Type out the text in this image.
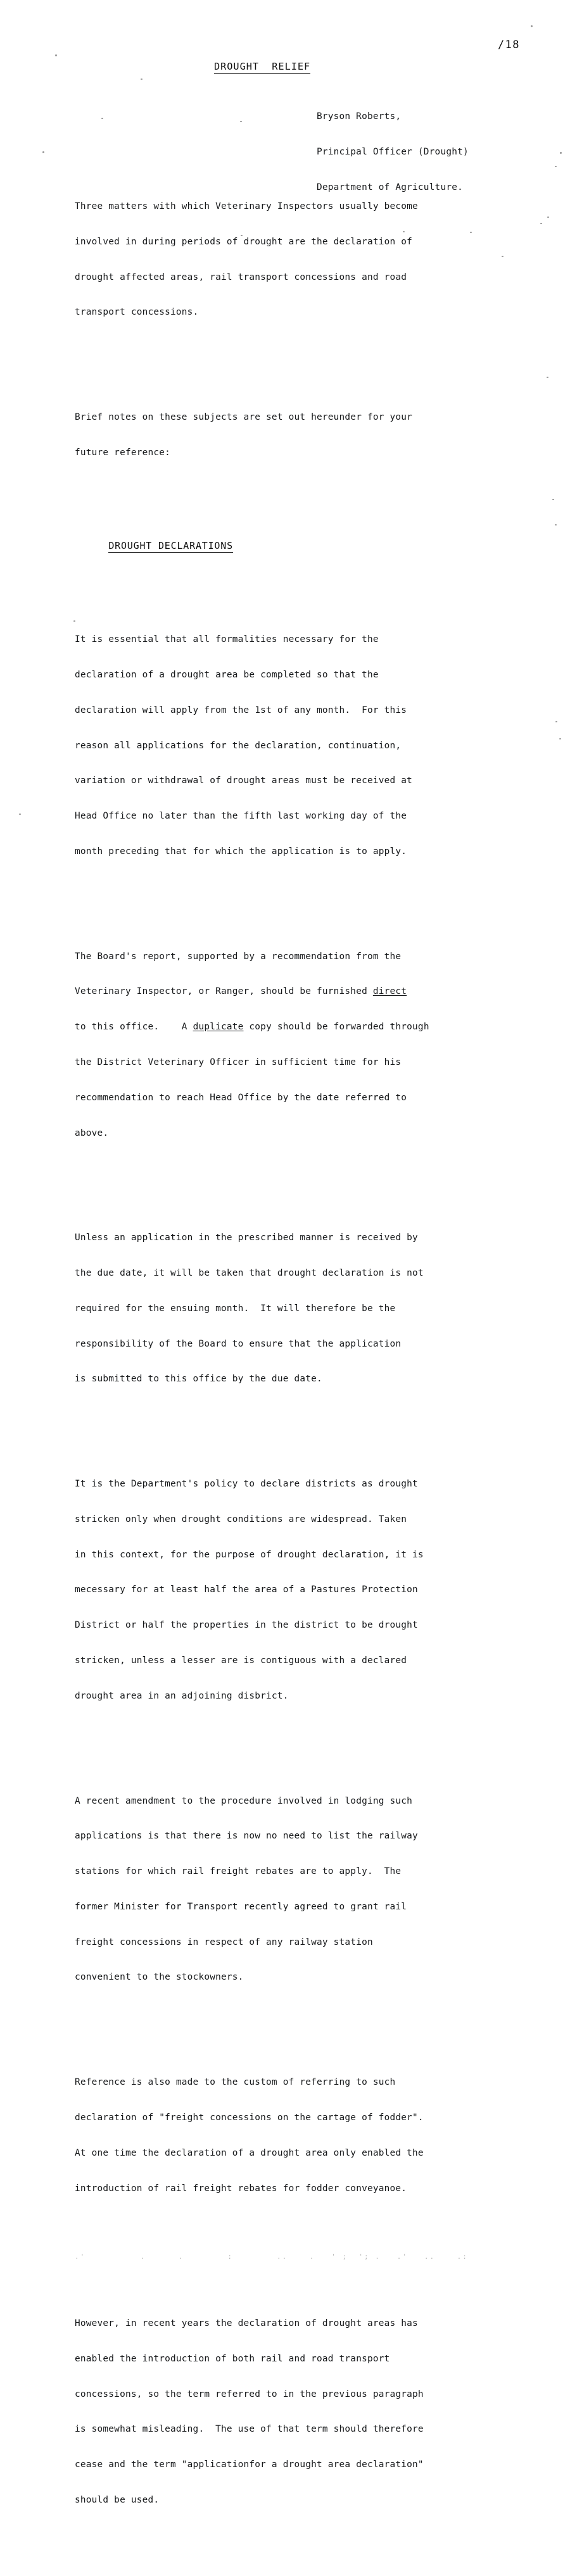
/18
DROUGHT  RELIEF

Bryson Roberts,

Principal Officer (Drought)

Department of Agriculture.

Three matters with which Veterinary Inspectors usually become

involved in during periods of drought are the declaration of

drought affected areas, rail transport concessions and road

transport concessions.

Brief notes on these subjects are set out hereunder for your

future reference:

DROUGHT DECLARATIONS

It is essential that all formalities necessary for the

declaration of a drought area be completed so that the

declaration will apply from the 1st of any month.  For this

reason all applications for the declaration, continuation,

variation or withdrawal of drought areas must be received at

Head Office no later than the fifth last working day of the

month preceding that for which the application is to apply.

The Board's report, supported by a recommendation from the

Veterinary Inspector, or Ranger, should be furnished direct

to this office.    A duplicate copy should be forwarded through

the District Veterinary Officer in sufficient time for his

recommendation to reach Head Office by the date referred to

above.

Unless an application in the prescribed manner is received by

the due date, it will be taken that drought declaration is not

required for the ensuing month.  It will therefore be the

responsibility of the Board to ensure that the application

is submitted to this office by the due date.

It is the Department's policy to declare districts as drought

stricken only when drought conditions are widespread. Taken

in this context, for the purpose of drought declaration, it is

mecessary for at least half the area of a Pastures Protection

District or half the properties in the district to be drought

stricken, unless a lesser are is contiguous with a declared

drought area in an adjoining disbrict.

A recent amendment to the procedure involved in lodging such

applications is that there is now no need to list the railway

stations for which rail freight rebates are to apply.  The

former Minister for Transport recently agreed to grant rail

freight concessions in respect of any railway station

convenient to the stockowners.

Reference is also made to the custom of referring to such

declaration of "freight concessions on the cartage of fodder".

At one time the declaration of a drought area only enabled the

introduction of rail freight rebates for fodder conveyanoe.

.'          .      .        :        ..    .   ' ;  '; .   .'   ..    .:

However, in recent years the declaration of drought areas has

enabled the introduction of both rail and road transport

concessions, so the term referred to in the previous paragraph

is somewhat misleading.  The use of that term should therefore

cease and the term "applicationfor a drought area declaration"

should be used.
